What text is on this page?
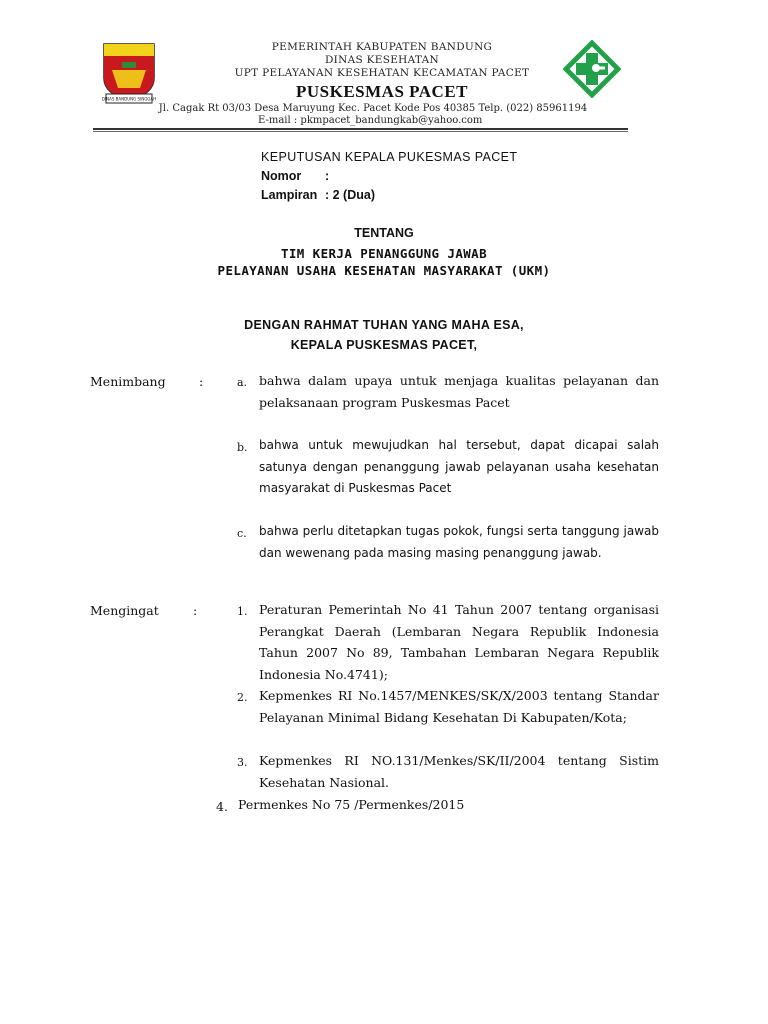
DINAS BANDUNG SINGGAH
PEMERINTAH KABUPATEN BANDUNG
DINAS KESEHATAN
UPT PELAYANAN KESEHATAN KECAMATAN PACET
PUSKESMAS PACET
Jl. Cagak Rt 03/03 Desa Maruyung Kec. Pacet Kode Pos 40385 Telp. (022) 85961194
E-mail : pkmpacet_bandungkab@yahoo.com
KEPUTUSAN KEPALA PUKESMAS PACET
Nomor :
Lampiran : 2 (Dua)
TENTANG
TIM KERJA PENANGGUNG JAWAB
PELAYANAN USAHA KESEHATAN MASYARAKAT (UKM)
DENGAN RAHMAT TUHAN YANG MAHA ESA,
KEPALA PUSKESMAS PACET,
Menimbang	:	a. bahwa dalam upaya untuk menjaga kualitas pelayanan dan pelaksanaan program Puskesmas Pacet
b. bahwa untuk mewujudkan hal tersebut, dapat dicapai salah satunya dengan penanggung jawab pelayanan usaha kesehatan masyarakat di Puskesmas Pacet
c. bahwa perlu ditetapkan tugas pokok, fungsi serta tanggung jawab dan wewenang pada masing masing penanggung jawab.
Mengingat	:	1. Peraturan Pemerintah No 41 Tahun 2007 tentang organisasi Perangkat Daerah (Lembaran Negara Republik Indonesia Tahun 2007 No 89, Tambahan Lembaran Negara Republik Indonesia No.4741);
2. Kepmenkes RI No.1457/MENKES/SK/X/2003 tentang Standar Pelayanan Minimal Bidang Kesehatan Di Kabupaten/Kota;
3. Kepmenkes RI NO.131/Menkes/SK/II/2004 tentang Sistim Kesehatan Nasional.
4. Permenkes No 75 /Permenkes/2015
